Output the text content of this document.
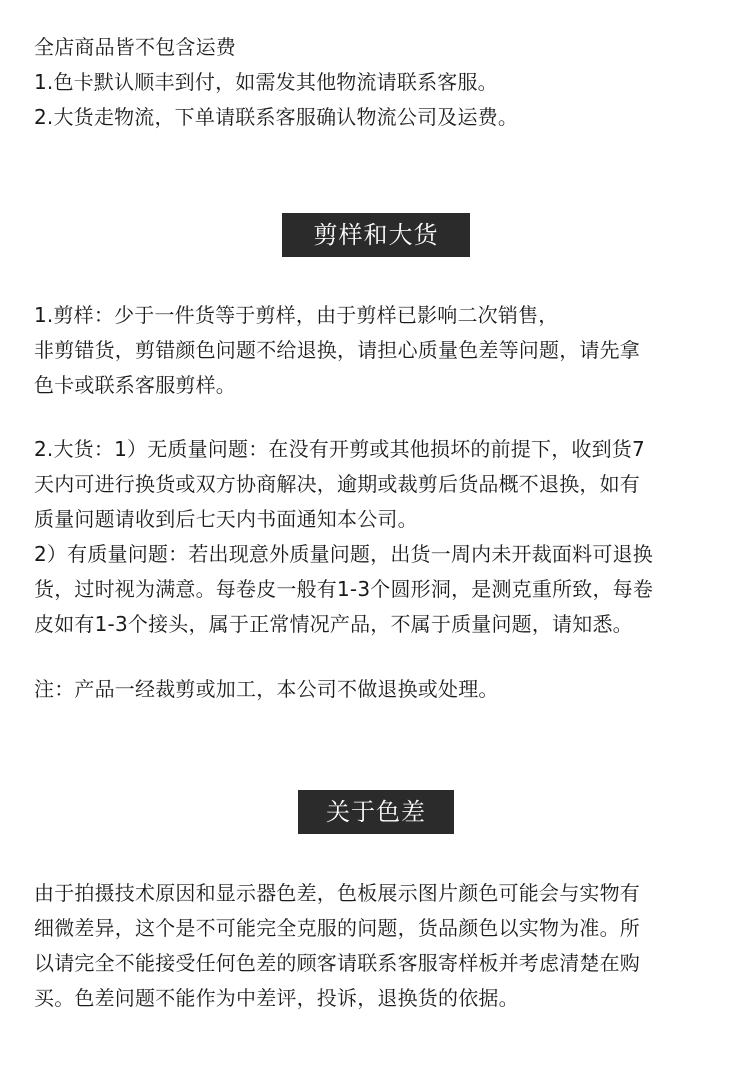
全店商品皆不包含运费

1.色卡默认顺丰到付，如需发其他物流请联系客服。

2.大货走物流，下单请联系客服确认物流公司及运费。

剪样和大货

1.剪样：少于一件货等于剪样，由于剪样已影响二次销售，

非剪错货，剪错颜色问题不给退换，请担心质量色差等问题，请先拿

色卡或联系客服剪样。

2.大货：1）无质量问题：在没有开剪或其他损坏的前提下，收到货7

天内可进行换货或双方协商解决，逾期或裁剪后货品概不退换，如有

质量问题请收到后七天内书面通知本公司。

2）有质量问题：若出现意外质量问题，出货一周内未开裁面料可退换

货，过时视为满意。每卷皮一般有1-3个圆形洞，是测克重所致，每卷

皮如有1-3个接头，属于正常情况产品，不属于质量问题，请知悉。

注：产品一经裁剪或加工，本公司不做退换或处理。

关于色差

由于拍摄技术原因和显示器色差，色板展示图片颜色可能会与实物有

细微差异，这个是不可能完全克服的问题，货品颜色以实物为准。所

以请完全不能接受任何色差的顾客请联系客服寄样板并考虑清楚在购

买。色差问题不能作为中差评，投诉，退换货的依据。
